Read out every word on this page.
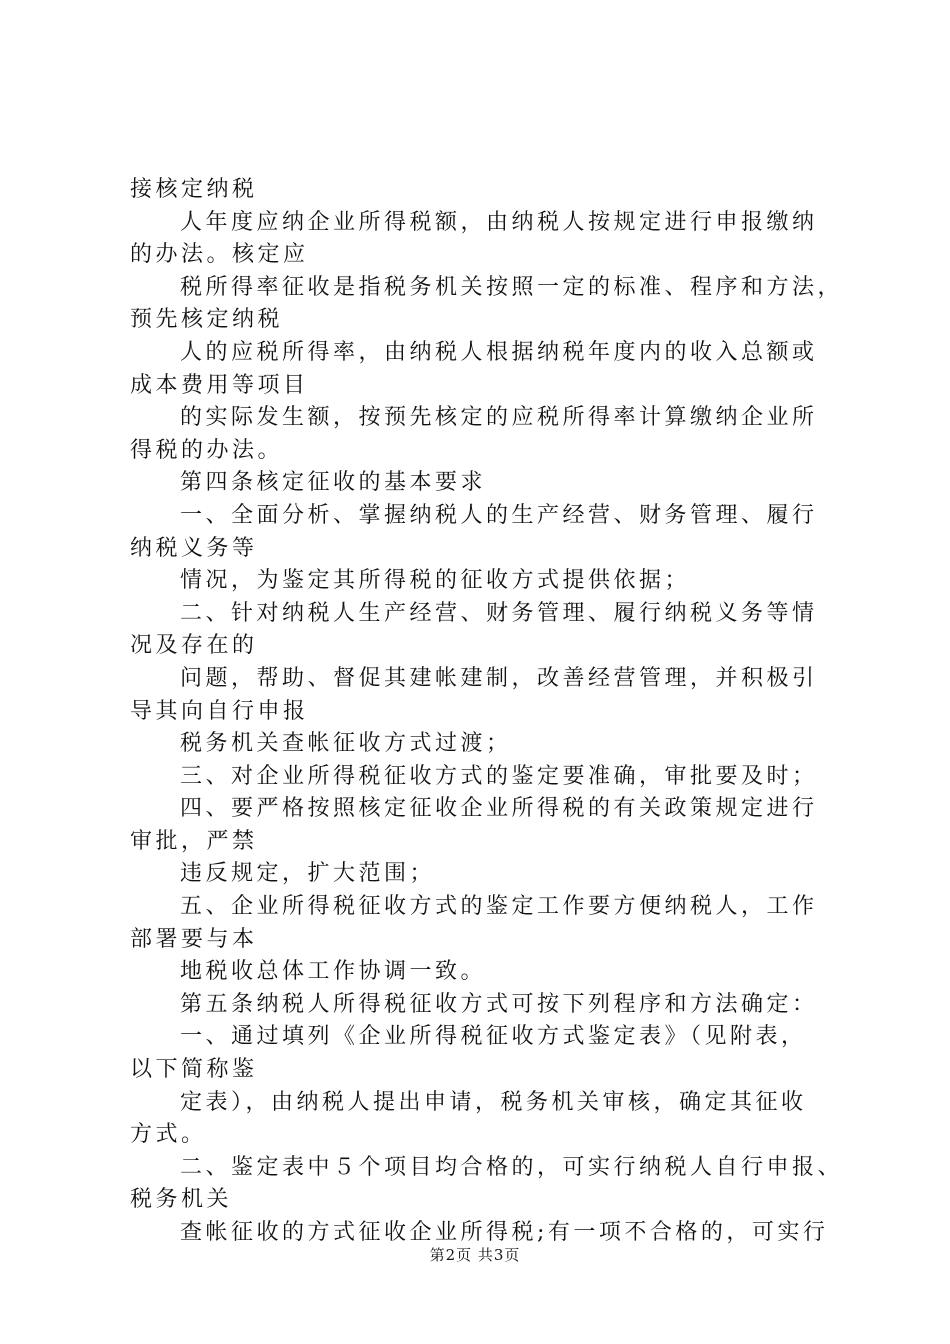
接核定纳税
人年度应纳企业所得税额，由纳税人按规定进行申报缴纳
的办法。核定应
税所得率征收是指税务机关按照一定的标准、程序和方法，
预先核定纳税
人的应税所得率，由纳税人根据纳税年度内的收入总额或
成本费用等项目
的实际发生额，按预先核定的应税所得率计算缴纳企业所
得税的办法。
第四条核定征收的基本要求
一、全面分析、掌握纳税人的生产经营、财务管理、履行
纳税义务等
情况，为鉴定其所得税的征收方式提供依据；
二、针对纳税人生产经营、财务管理、履行纳税义务等情
况及存在的
问题，帮助、督促其建帐建制，改善经营管理，并积极引
导其向自行申报
税务机关查帐征收方式过渡；
三、对企业所得税征收方式的鉴定要准确，审批要及时；
四、要严格按照核定征收企业所得税的有关政策规定进行
审批，严禁
违反规定，扩大范围；
五、企业所得税征收方式的鉴定工作要方便纳税人，工作
部署要与本
地税收总体工作协调一致。
第五条纳税人所得税征收方式可按下列程序和方法确定：
一、通过填列《企业所得税征收方式鉴定表》（见附表，
以下简称鉴
定表），由纳税人提出申请，税务机关审核，确定其征收
方式。
二、鉴定表中５个项目均合格的，可实行纳税人自行申报、
税务机关
查帐征收的方式征收企业所得税;有一项不合格的，可实行
第2页 共3页
